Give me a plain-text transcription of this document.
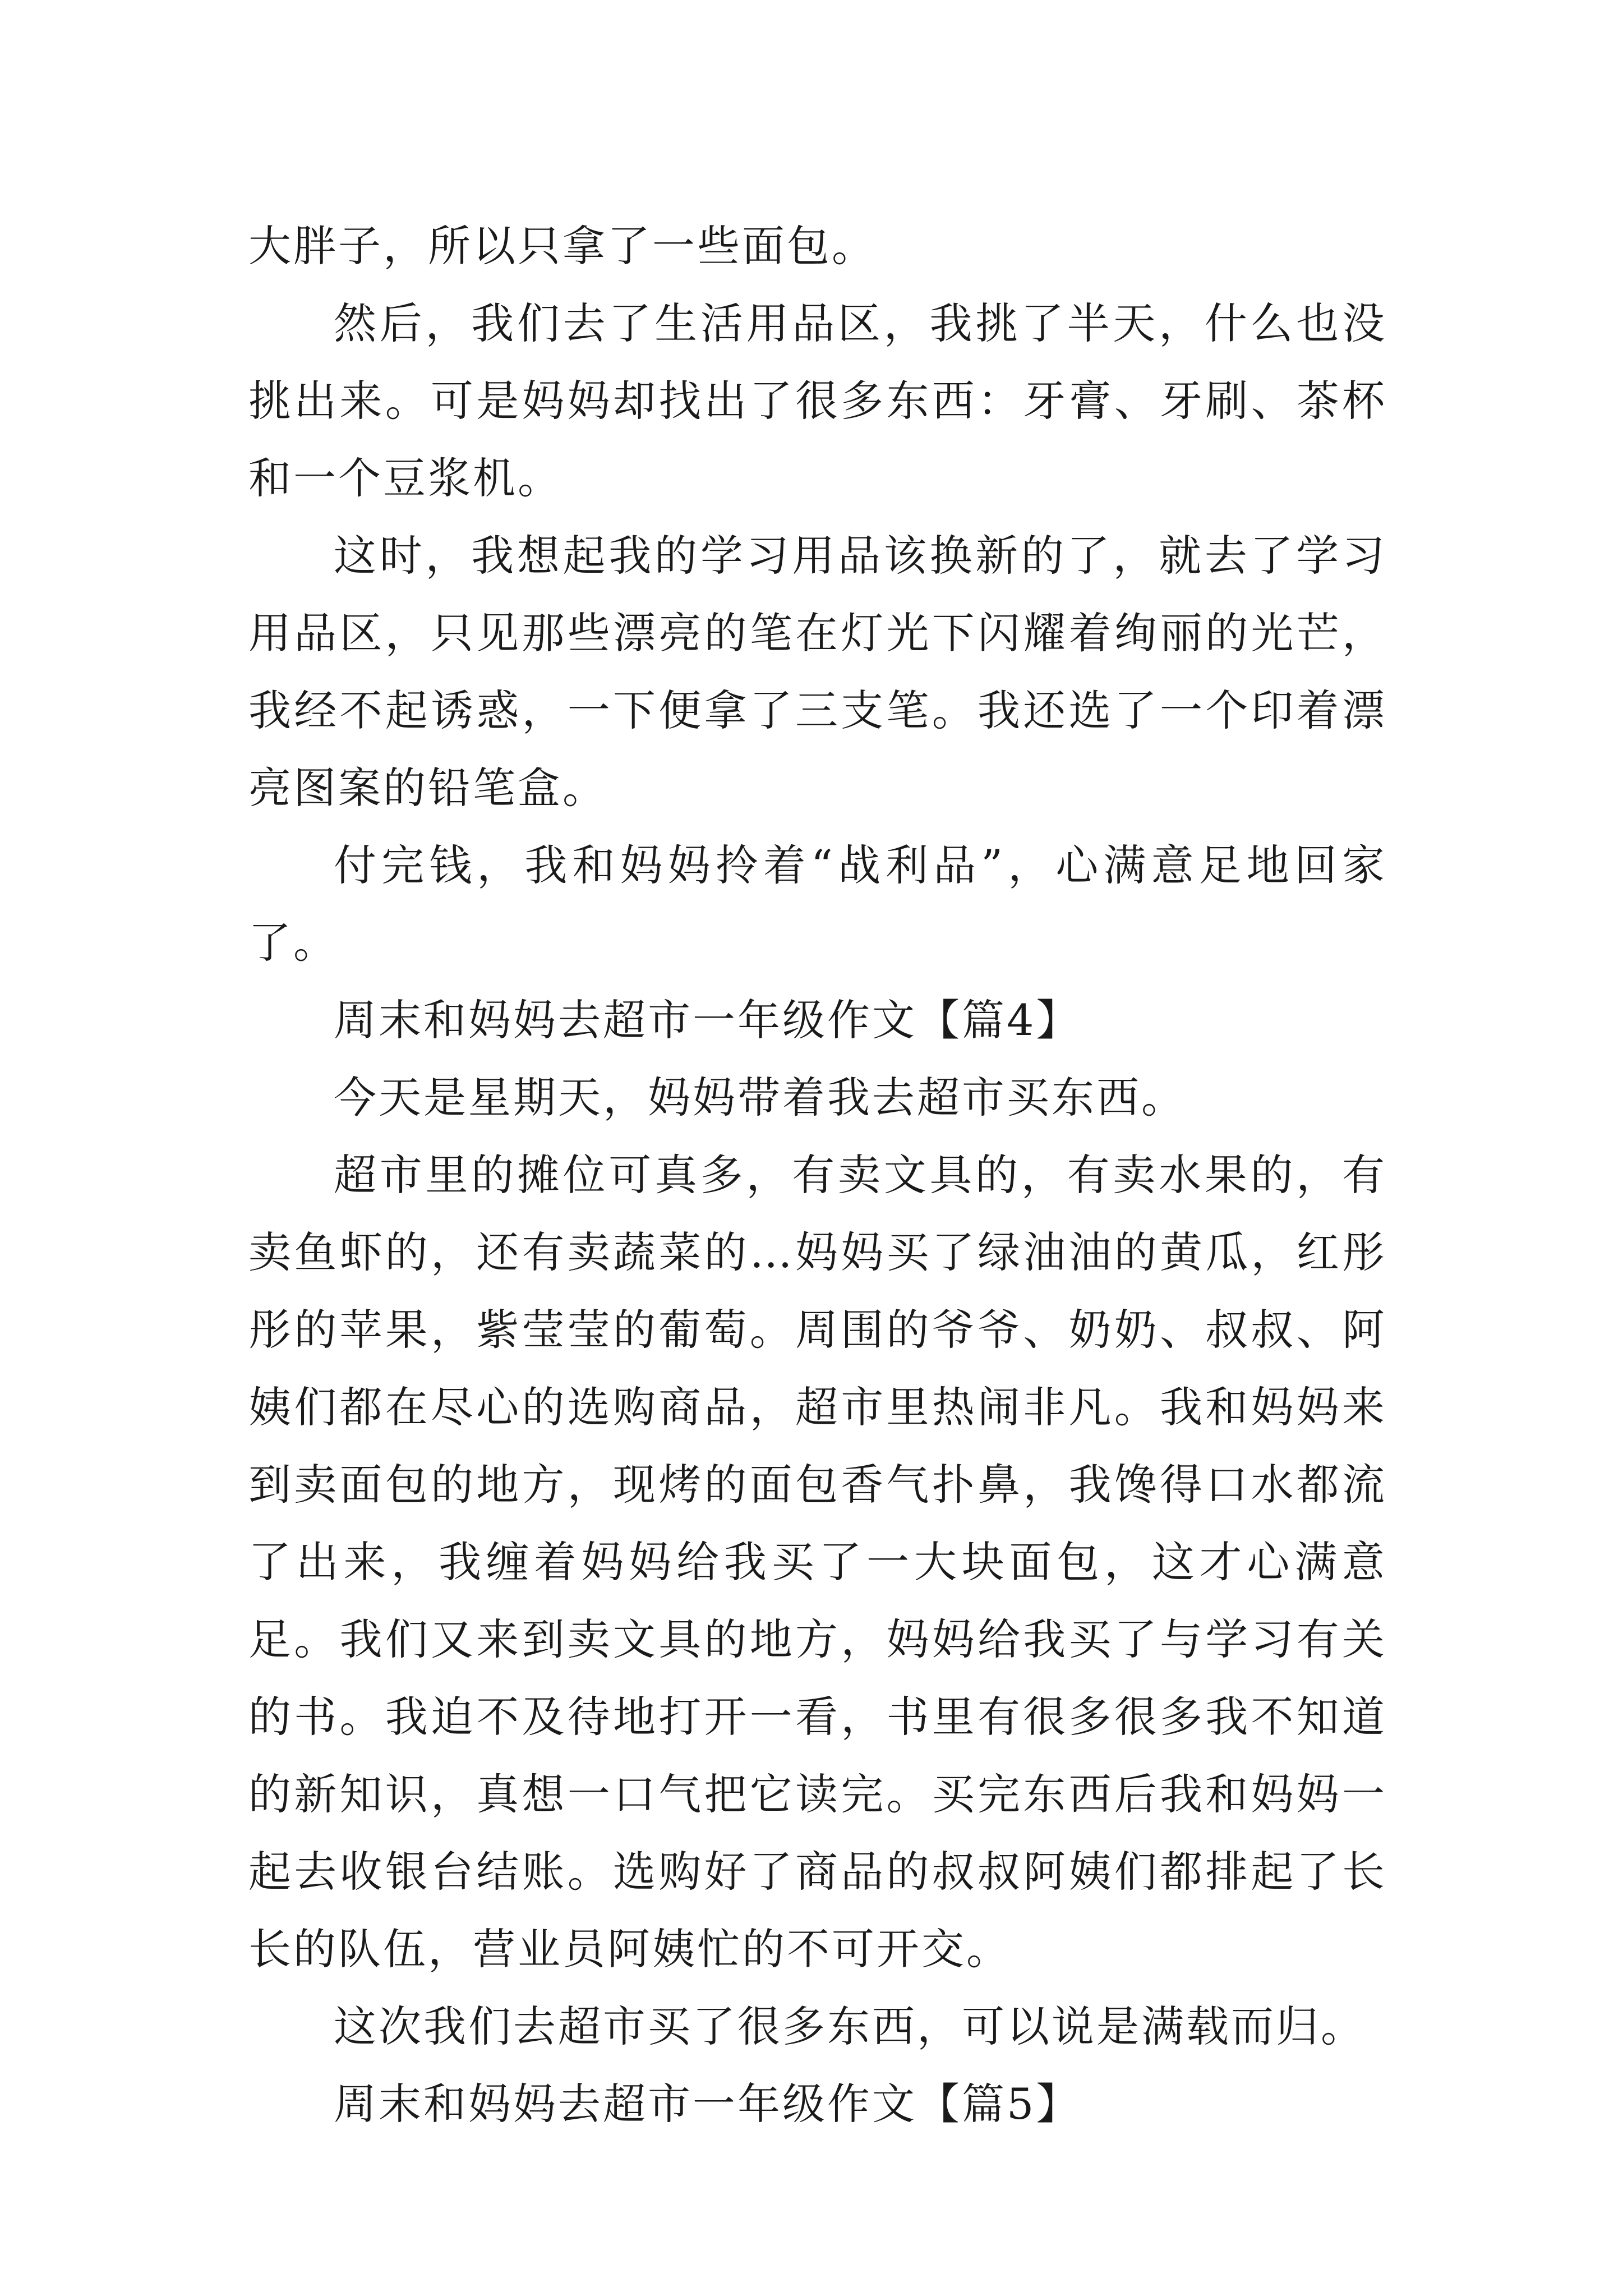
大胖子，所以只拿了一些面包。

然后，我们去了生活用品区，我挑了半天，什么也没挑出来。可是妈妈却找出了很多东西：牙膏、牙刷、茶杯和一个豆浆机。

这时，我想起我的学习用品该换新的了，就去了学习用品区，只见那些漂亮的笔在灯光下闪耀着绚丽的光芒，我经不起诱惑，一下便拿了三支笔。我还选了一个印着漂亮图案的铅笔盒。

付完钱，我和妈妈拎着“战利品”，心满意足地回家了。

周末和妈妈去超市一年级作文【篇4】

今天是星期天，妈妈带着我去超市买东西。

超市里的摊位可真多，有卖文具的，有卖水果的，有卖鱼虾的，还有卖蔬菜的…妈妈买了绿油油的黄瓜，红彤彤的苹果，紫莹莹的葡萄。周围的爷爷、奶奶、叔叔、阿姨们都在尽心的选购商品，超市里热闹非凡。我和妈妈来到卖面包的地方，现烤的面包香气扑鼻，我馋得口水都流了出来，我缠着妈妈给我买了一大块面包，这才心满意足。我们又来到卖文具的地方，妈妈给我买了与学习有关的书。我迫不及待地打开一看，书里有很多很多我不知道的新知识，真想一口气把它读完。买完东西后我和妈妈一起去收银台结账。选购好了商品的叔叔阿姨们都排起了长长的队伍，营业员阿姨忙的不可开交。

这次我们去超市买了很多东西，可以说是满载而归。

周末和妈妈去超市一年级作文【篇5】
